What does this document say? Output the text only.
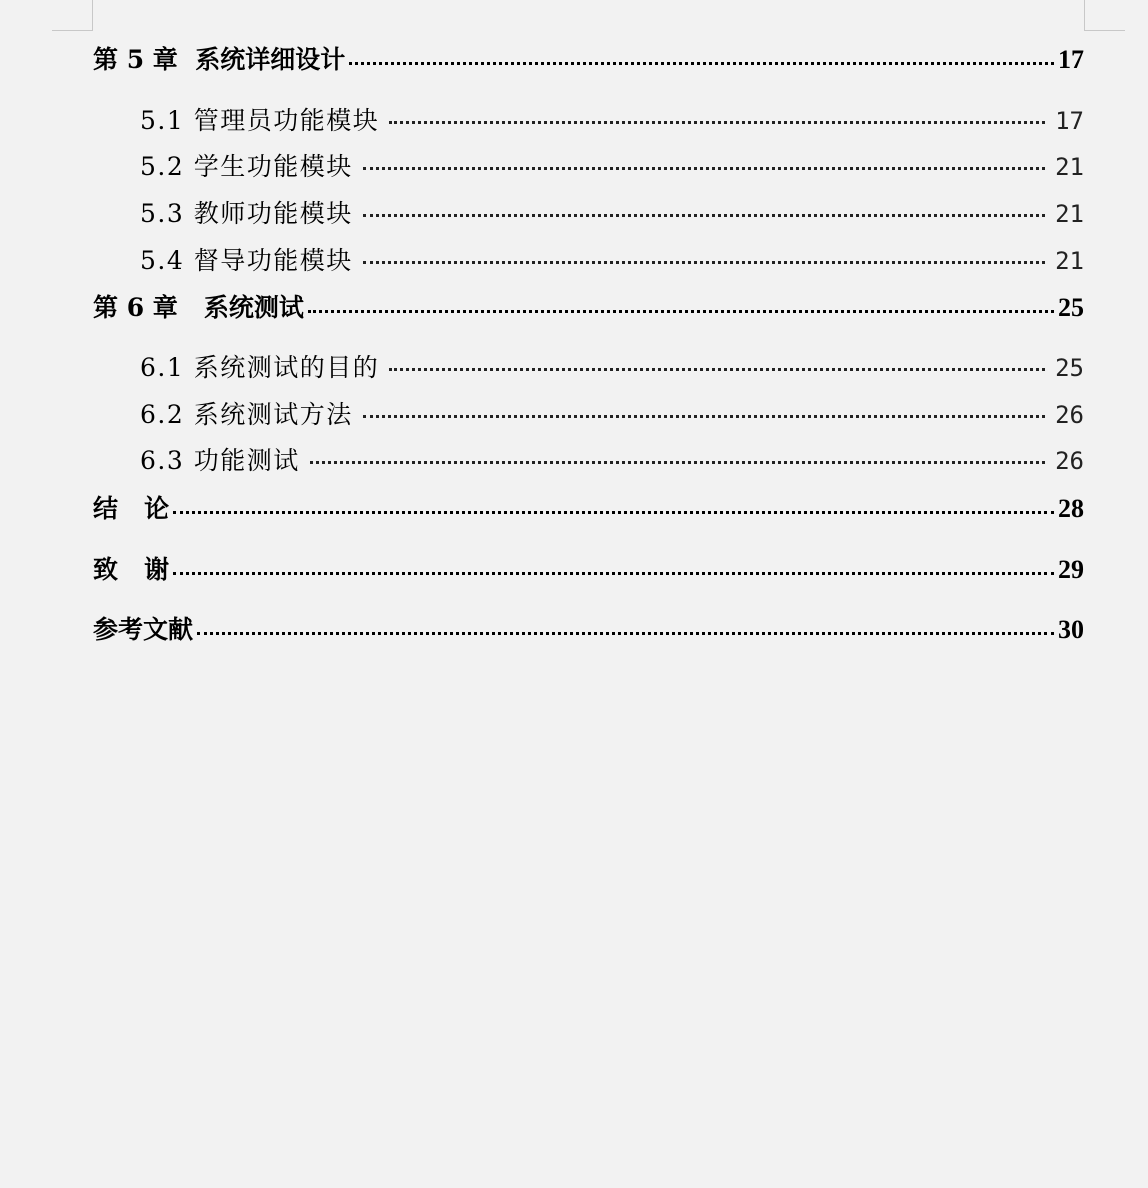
第 5 章  系统详细设计	17
5.1 管理员功能模块	17
5.2 学生功能模块	21
5.3 教师功能模块	21
5.4 督导功能模块	21
第 6 章   系统测试	25
6.1 系统测试的目的	25
6.2 系统测试方法	26
6.3 功能测试	26
结   论	28
致   谢	29
参考文献	30
